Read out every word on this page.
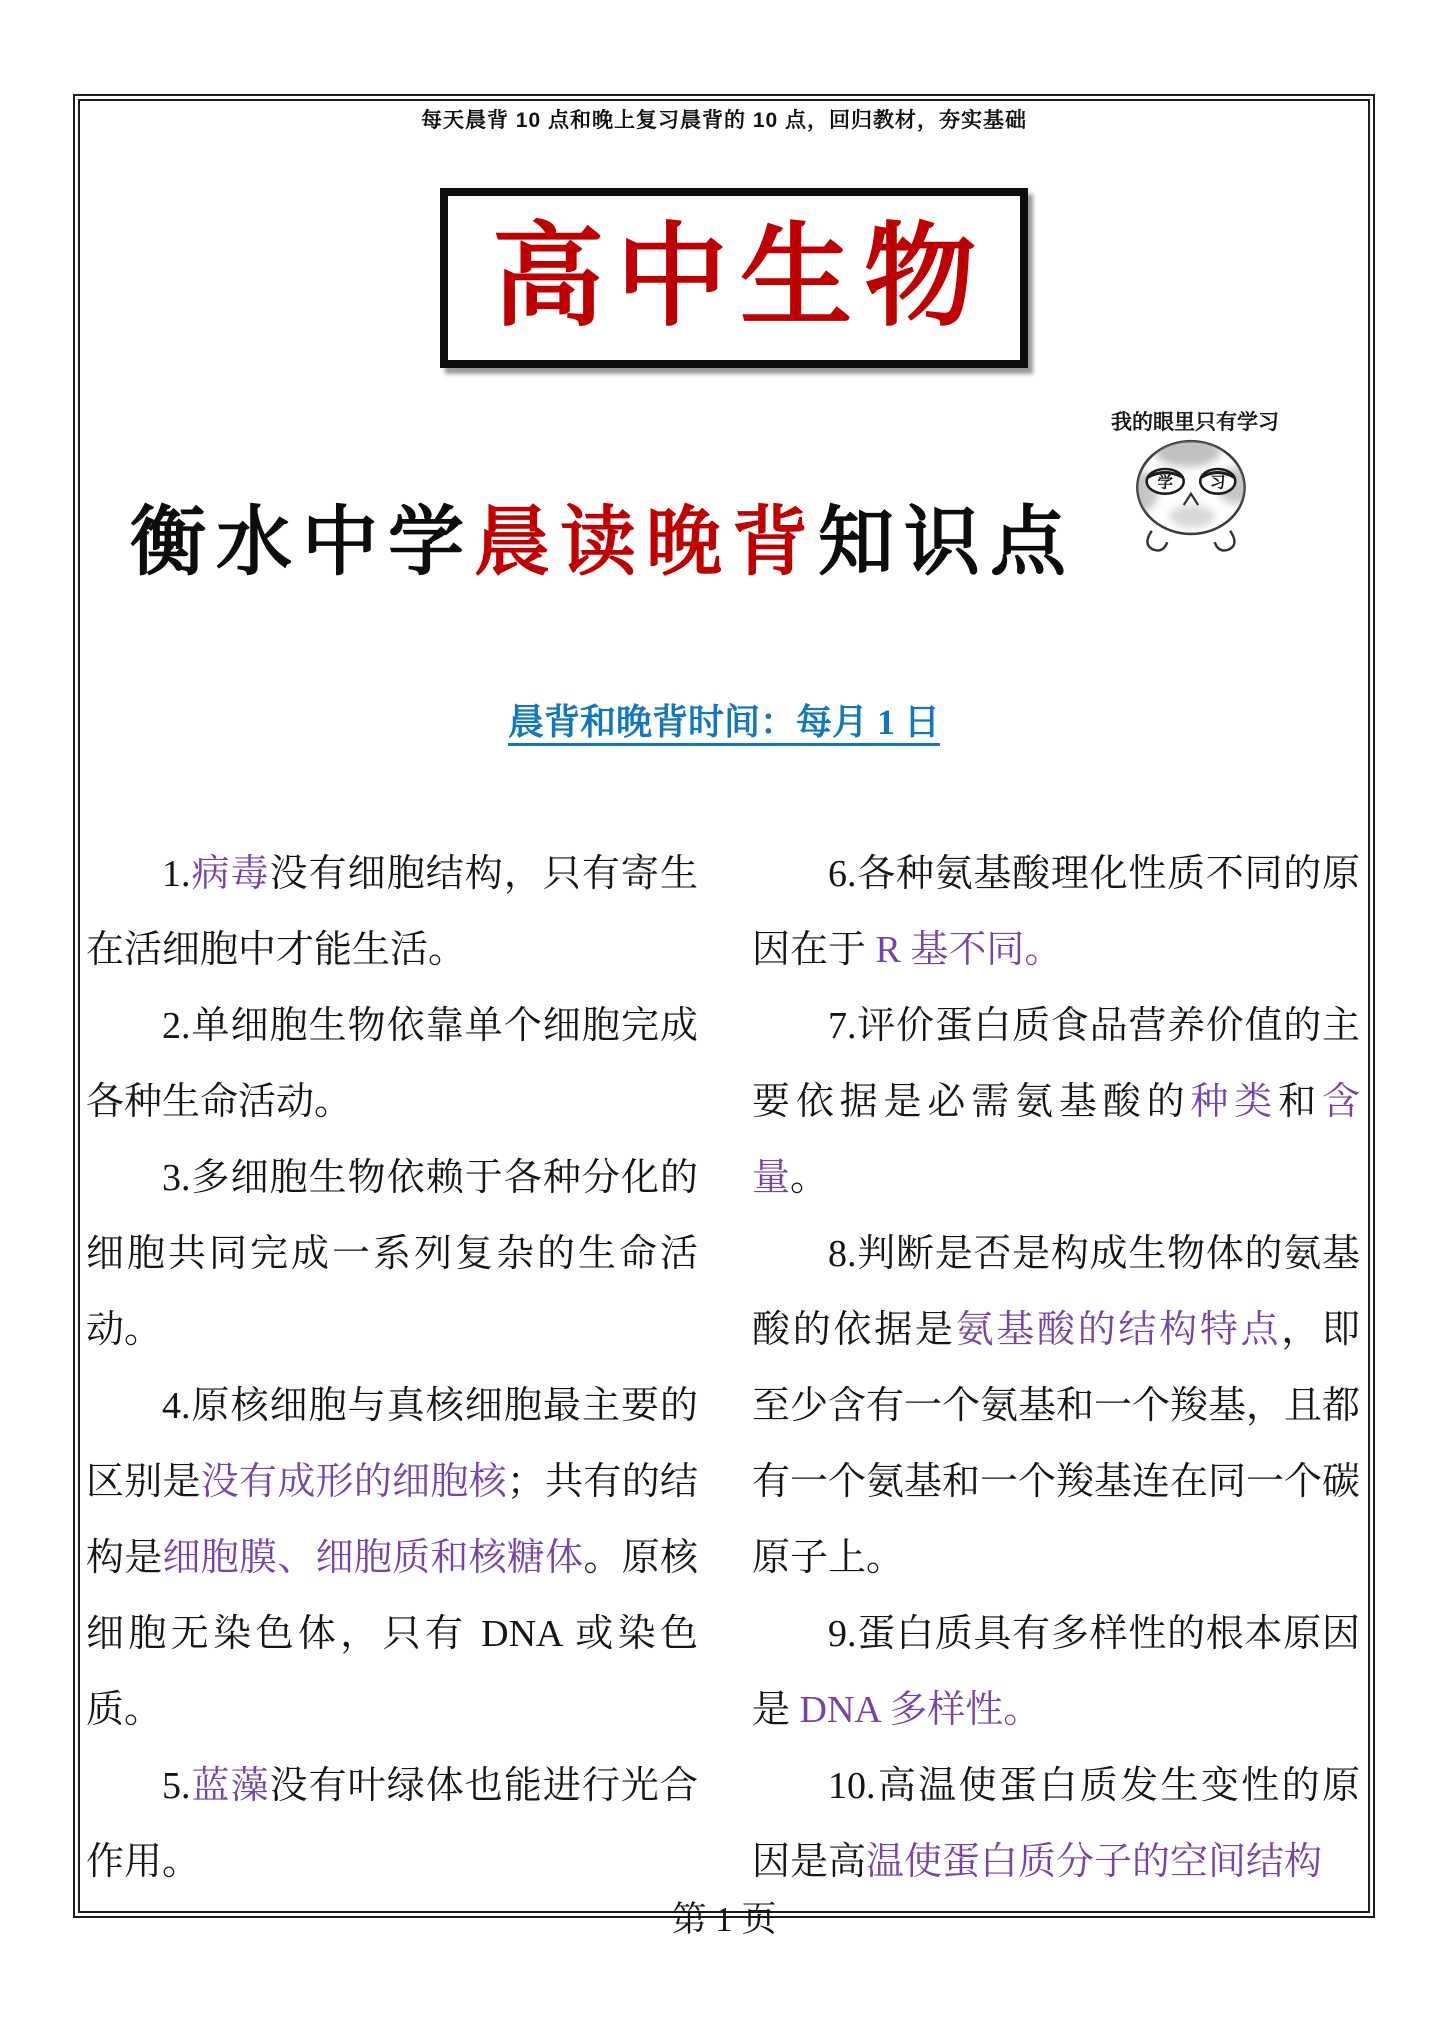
每天晨背 10 点和晚上复习晨背的 10 点，回归教材，夯实基础
高中生物
我的眼里只有学习
学 习
衡水中学晨读晚背知识点
晨背和晚背时间：每月 1 日

1.病毒没有细胞结构，只有寄生在活细胞中才能生活。

2.单细胞生物依靠单个细胞完成各种生命活动。

3.多细胞生物依赖于各种分化的细胞共同完成一系列复杂的生命活动。

4.原核细胞与真核细胞最主要的区别是没有成形的细胞核；共有的结构是细胞膜、细胞质和核糖体。原核细胞无染色体，只有 DNA 或染色质。

5.蓝藻没有叶绿体也能进行光合作用。

6.各种氨基酸理化性质不同的原因在于 R 基不同。

7.评价蛋白质食品营养价值的主要依据是必需氨基酸的种类和含量。

8.判断是否是构成生物体的氨基酸的依据是氨基酸的结构特点，即至少含有一个氨基和一个羧基，且都有一个氨基和一个羧基连在同一个碳原子上。

9.蛋白质具有多样性的根本原因是 DNA 多样性。

10.高温使蛋白质发生变性的原因是高温使蛋白质分子的空间结构

第 1 页
